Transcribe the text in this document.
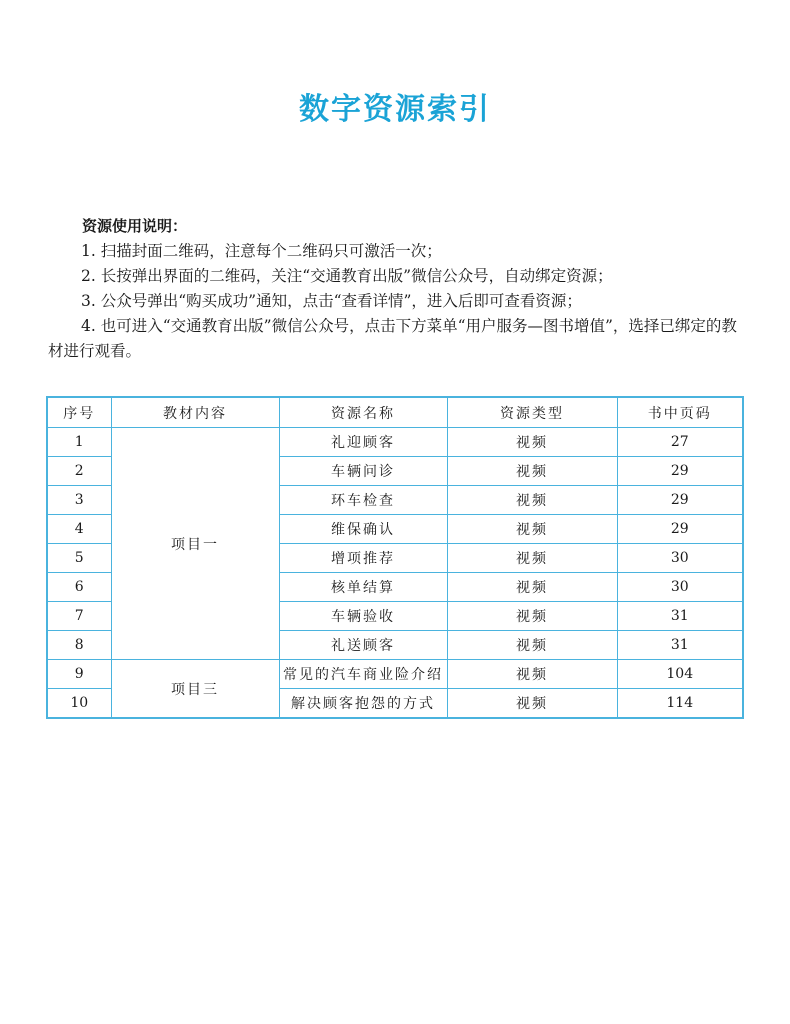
数字资源索引
资源使用说明：
1. 扫描封面二维码，注意每个二维码只可激活一次；
2. 长按弹出界面的二维码，关注“交通教育出版”微信公众号，自动绑定资源；
3. 公众号弹出“购买成功”通知，点击“查看详情”，进入后即可查看资源；
4. 也可进入“交通教育出版”微信公众号，点击下方菜单“用户服务—图书增值”，选择已绑定的教材进行观看。
序号	教材内容	资源名称	资源类型	书中页码
1	项目一	礼迎顾客	视频	27
2		车辆问诊	视频	29
3		环车检查	视频	29
4		维保确认	视频	29
5		增项推荐	视频	30
6		核单结算	视频	30
7		车辆验收	视频	31
8		礼送顾客	视频	31
9	项目三	常见的汽车商业险介绍	视频	104
10		解决顾客抱怨的方式	视频	114
